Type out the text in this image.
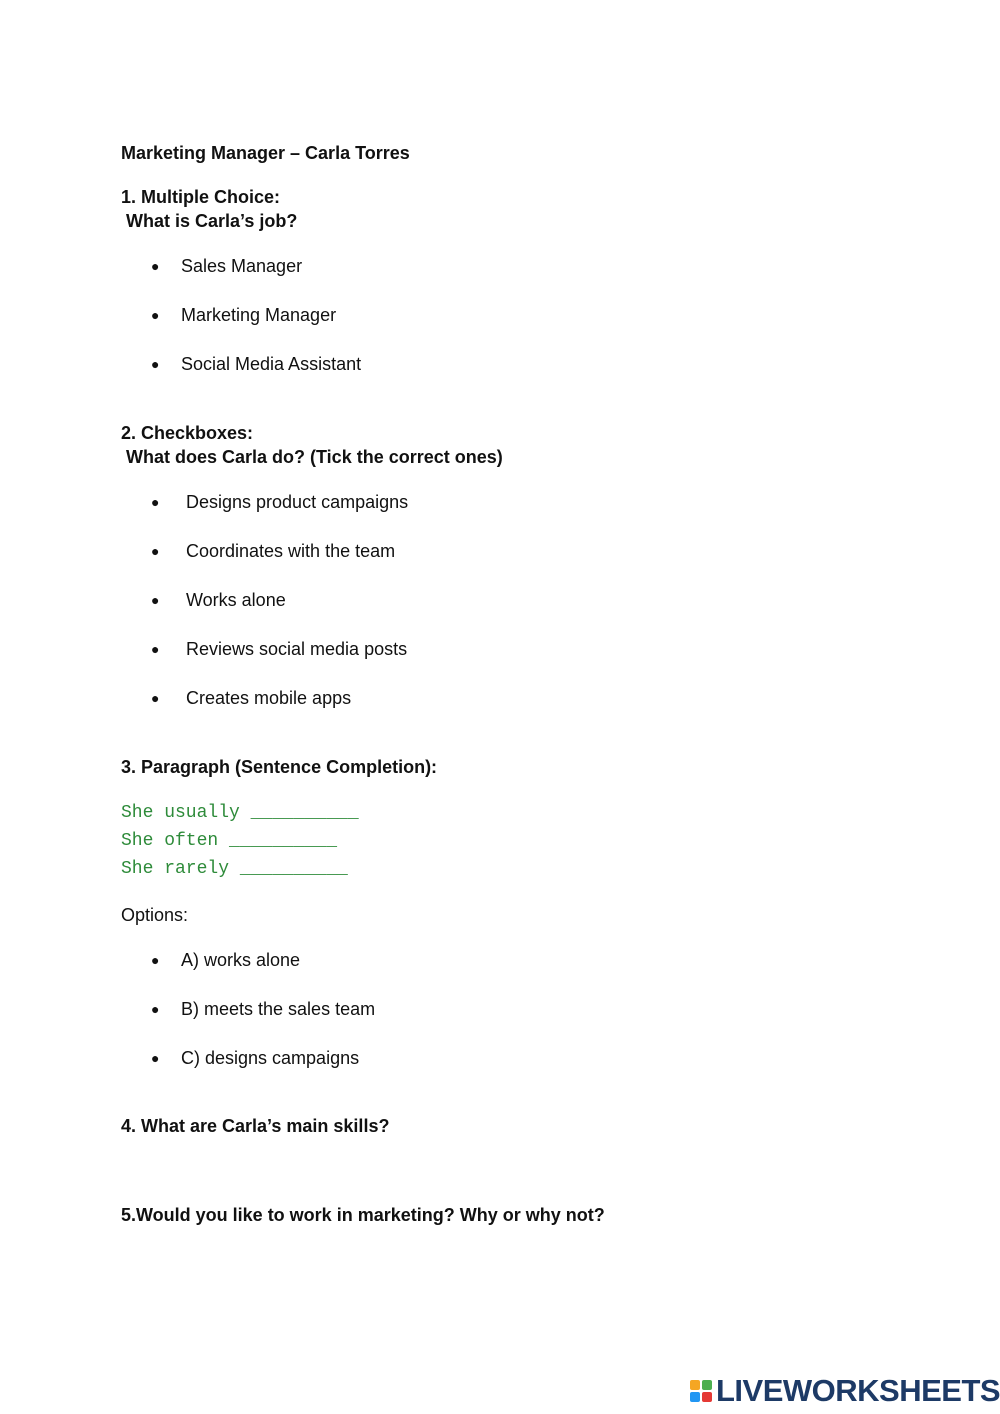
Marketing Manager – Carla Torres
1. Multiple Choice:
What is Carla’s job?
● Sales Manager
● Marketing Manager
● Social Media Assistant
2. Checkboxes:
What does Carla do? (Tick the correct ones)
● Designs product campaigns
● Coordinates with the team
● Works alone
● Reviews social media posts
● Creates mobile apps
3. Paragraph (Sentence Completion):
She usually __________
She often __________
She rarely __________
Options:
● A) works alone
● B) meets the sales team
● C) designs campaigns
4. What are Carla’s main skills?
5.Would you like to work in marketing? Why or why not?
LIVEWORKSHEETS
